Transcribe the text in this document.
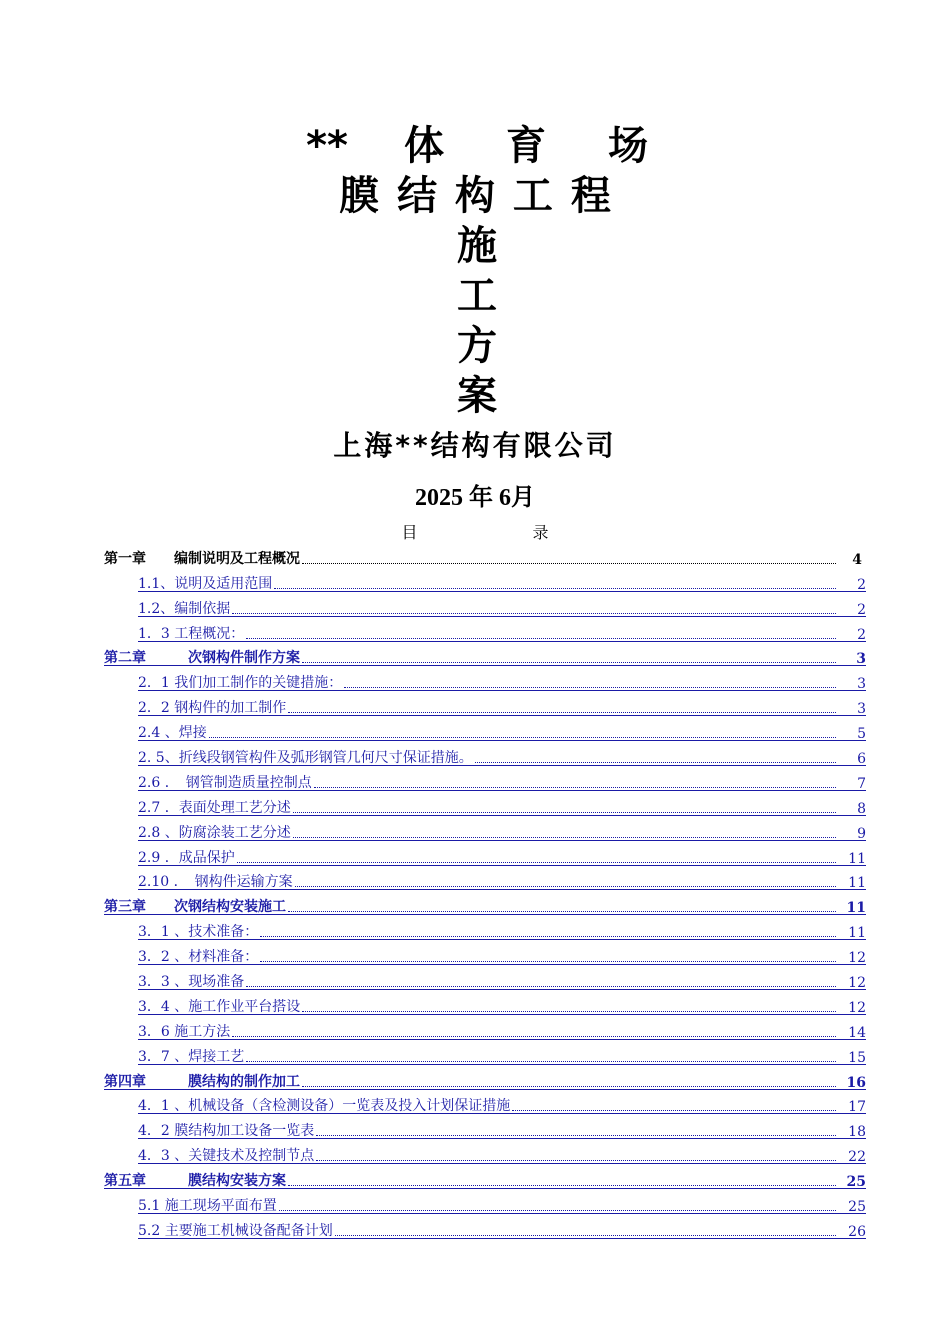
** 体 育 场
膜 结 构 工 程
施
工
方
案
上海**结构有限公司
2025 年 6月
目 录
第一章　　编制说明及工程概况	4
1.1、说明及适用范围	2
1.2、编制依据	2
1．3 工程概况：	2
第二章　　　次钢构件制作方案	3
2．1 我们加工制作的关键措施：	3
2．2 钢构件的加工制作	3
2.4 、焊接	5
2. 5、折线段钢管构件及弧形钢管几何尺寸保证措施。	6
2.6 ．　钢管制造质量控制点	7
2.7 ．表面处理工艺分述	8
2.8 、防腐涂装工艺分述	9
2.9 ．成品保护	11
2.10 ．　钢构件运输方案	11
第三章　　次钢结构安装施工	11
3．1 、技术准备：	11
3．2 、材料准备：	12
3．3 、现场准备	12
3．4 、施工作业平台搭设	12
3．6 施工方法	14
3．7 、焊接工艺	15
第四章　　　膜结构的制作加工	16
4．1 、机械设备（含检测设备）一览表及投入计划保证措施	17
4．2 膜结构加工设备一览表	18
4．3 、关键技术及控制节点	22
第五章　　　膜结构安装方案	25
5.1 施工现场平面布置	25
5.2 主要施工机械设备配备计划	26
